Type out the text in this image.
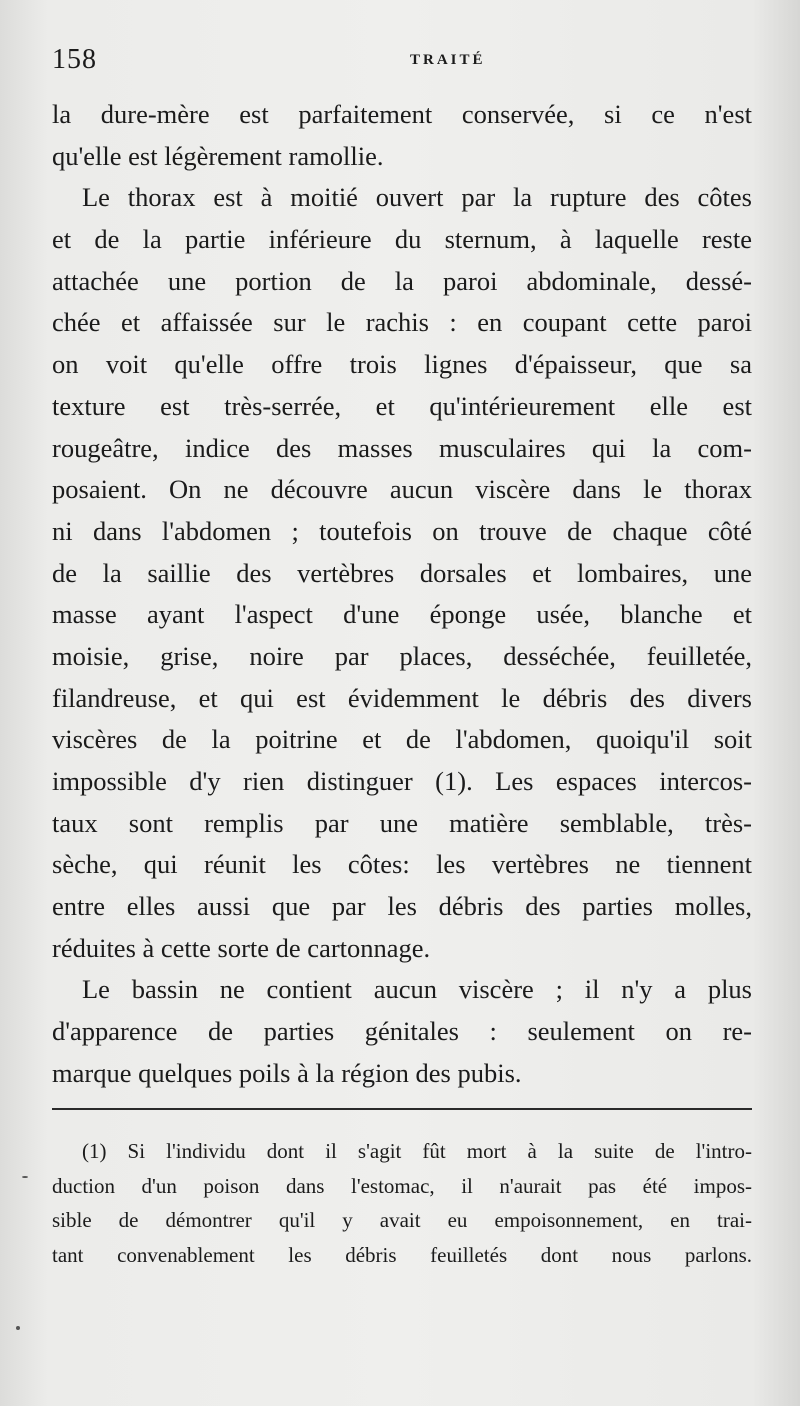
158	TRAITÉ
la dure-mère est parfaitement conservée, si ce n'est
qu'elle est légèrement ramollie.
Le thorax est à moitié ouvert par la rupture des côtes
et de la partie inférieure du sternum, à laquelle reste
attachée une portion de la paroi abdominale, dessé-
chée et affaissée sur le rachis : en coupant cette paroi
on voit qu'elle offre trois lignes d'épaisseur, que sa
texture est très-serrée, et qu'intérieurement elle est
rougeâtre, indice des masses musculaires qui la com-
posaient. On ne découvre aucun viscère dans le thorax
ni dans l'abdomen ; toutefois on trouve de chaque côté
de la saillie des vertèbres dorsales et lombaires, une
masse ayant l'aspect d'une éponge usée, blanche et
moisie, grise, noire par places, desséchée, feuilletée,
filandreuse, et qui est évidemment le débris des divers
viscères de la poitrine et de l'abdomen, quoiqu'il soit
impossible d'y rien distinguer (1). Les espaces intercos-
taux sont remplis par une matière semblable, très-
sèche, qui réunit les côtes: les vertèbres ne tiennent
entre elles aussi que par les débris des parties molles,
réduites à cette sorte de cartonnage.
Le bassin ne contient aucun viscère ; il n'y a plus
d'apparence de parties génitales : seulement on re-
marque quelques poils à la région des pubis.
(1) Si l'individu dont il s'agit fût mort à la suite de l'intro-
duction d'un poison dans l'estomac, il n'aurait pas été impos-
sible de démontrer qu'il y avait eu empoisonnement, en trai-
tant convenablement les débris feuilletés dont nous parlons.
